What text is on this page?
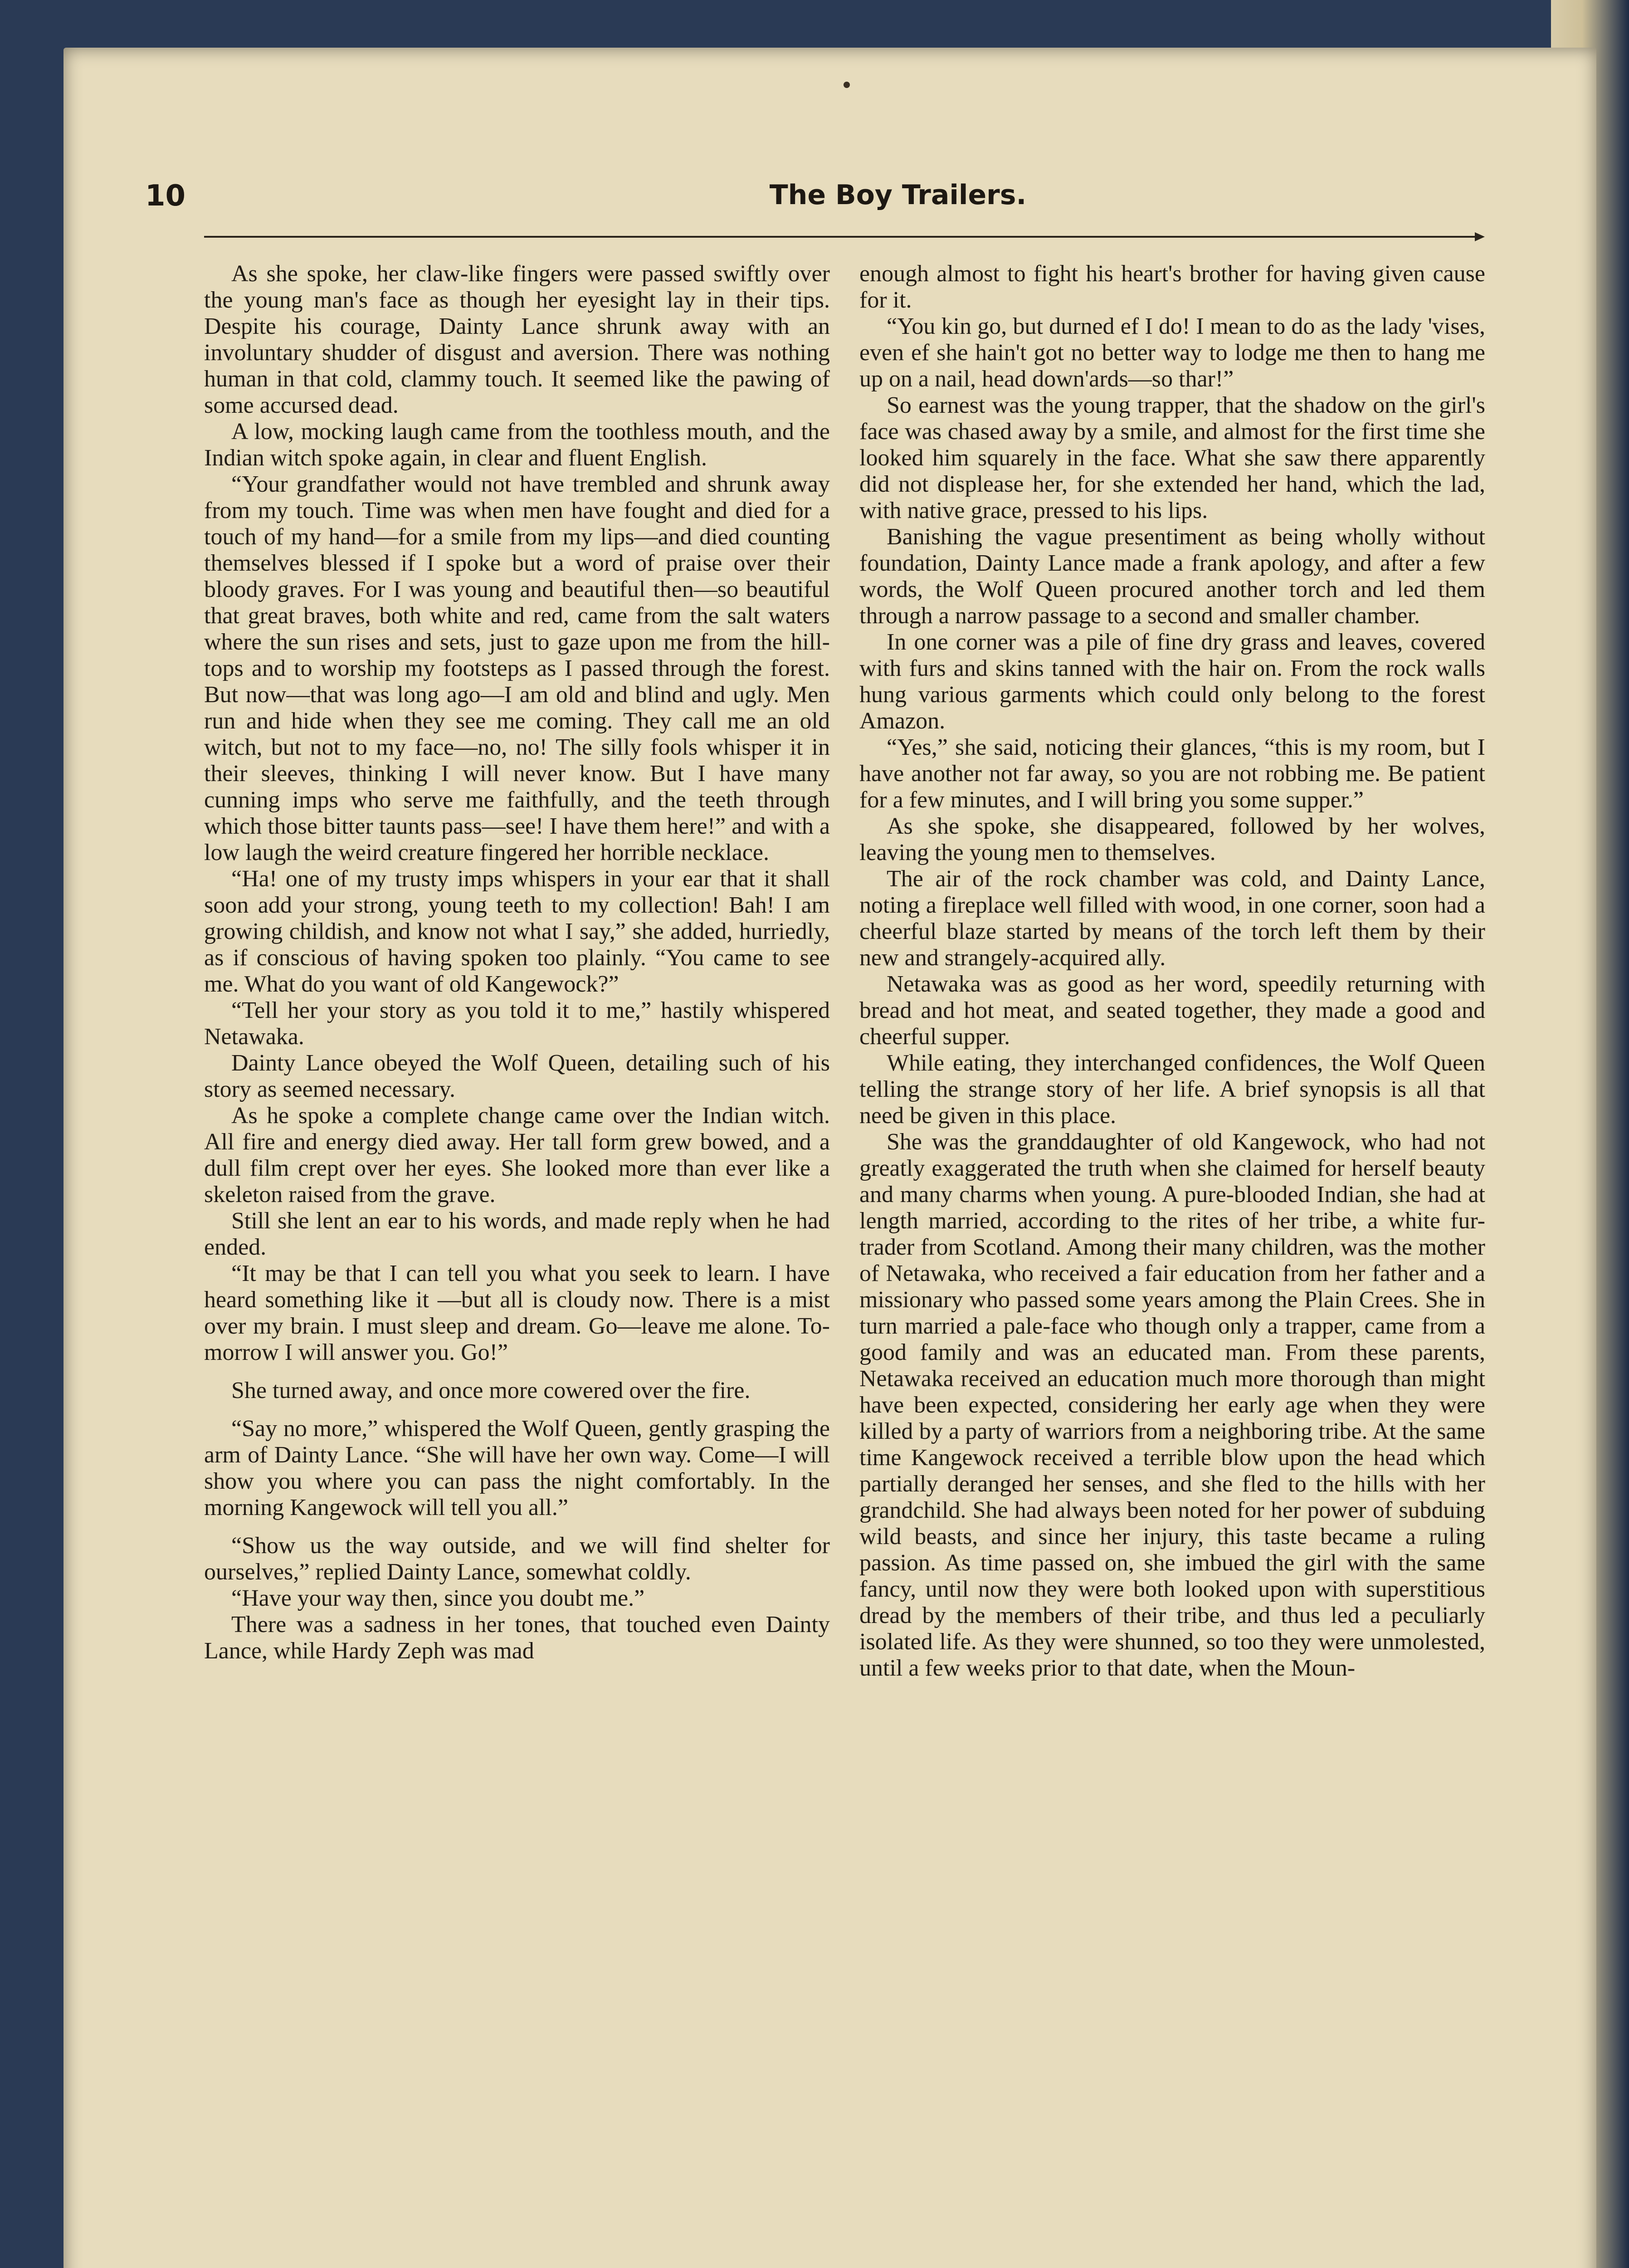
10	The Boy Trailers.

As she spoke, her claw-like fingers were passed swiftly over the young man's face as though her eyesight lay in their tips. Despite his courage, Dainty Lance shrunk away with an involuntary shudder of disgust and aversion. There was nothing human in that cold, clammy touch. It seemed like the pawing of some accursed dead.

A low, mocking laugh came from the toothless mouth, and the Indian witch spoke again, in clear and fluent English.

“Your grandfather would not have trembled and shrunk away from my touch. Time was when men have fought and died for a touch of my hand—for a smile from my lips—and died counting themselves blessed if I spoke but a word of praise over their bloody graves. For I was young and beautiful then—so beautiful that great braves, both white and red, came from the salt waters where the sun rises and sets, just to gaze upon me from the hill-tops and to worship my footsteps as I passed through the forest. But now—that was long ago—I am old and blind and ugly. Men run and hide when they see me coming. They call me an old witch, but not to my face—no, no! The silly fools whisper it in their sleeves, thinking I will never know. But I have many cunning imps who serve me faithfully, and the teeth through which those bitter taunts pass—see! I have them here!” and with a low laugh the weird creature fingered her horrible necklace.

“Ha! one of my trusty imps whispers in your ear that it shall soon add your strong, young teeth to my collection! Bah! I am growing childish, and know not what I say,” she added, hurriedly, as if conscious of having spoken too plainly. “You came to see me. What do you want of old Kangewock?”

“Tell her your story as you told it to me,” hastily whispered Netawaka.

Dainty Lance obeyed the Wolf Queen, detailing such of his story as seemed necessary.

As he spoke a complete change came over the Indian witch. All fire and energy died away. Her tall form grew bowed, and a dull film crept over her eyes. She looked more than ever like a skeleton raised from the grave.

Still she lent an ear to his words, and made reply when he had ended.

“It may be that I can tell you what you seek to learn. I have heard something like it —but all is cloudy now. There is a mist over my brain. I must sleep and dream. Go—leave me alone. To-morrow I will answer you. Go!”

She turned away, and once more cowered over the fire.

“Say no more,” whispered the Wolf Queen, gently grasping the arm of Dainty Lance. “She will have her own way. Come—I will show you where you can pass the night comfortably. In the morning Kangewock will tell you all.”

“Show us the way outside, and we will find shelter for ourselves,” replied Dainty Lance, somewhat coldly.

“Have your way then, since you doubt me.”

There was a sadness in her tones, that touched even Dainty Lance, while Hardy Zeph was mad

enough almost to fight his heart's brother for having given cause for it.

“You kin go, but durned ef I do! I mean to do as the lady 'vises, even ef she hain't got no better way to lodge me then to hang me up on a nail, head down'ards—so thar!”

So earnest was the young trapper, that the shadow on the girl's face was chased away by a smile, and almost for the first time she looked him squarely in the face. What she saw there apparently did not displease her, for she extended her hand, which the lad, with native grace, pressed to his lips.

Banishing the vague presentiment as being wholly without foundation, Dainty Lance made a frank apology, and after a few words, the Wolf Queen procured another torch and led them through a narrow passage to a second and smaller chamber.

In one corner was a pile of fine dry grass and leaves, covered with furs and skins tanned with the hair on. From the rock walls hung various garments which could only belong to the forest Amazon.

“Yes,” she said, noticing their glances, “this is my room, but I have another not far away, so you are not robbing me. Be patient for a few minutes, and I will bring you some supper.”

As she spoke, she disappeared, followed by her wolves, leaving the young men to themselves.

The air of the rock chamber was cold, and Dainty Lance, noting a fireplace well filled with wood, in one corner, soon had a cheerful blaze started by means of the torch left them by their new and strangely-acquired ally.

Netawaka was as good as her word, speedily returning with bread and hot meat, and seated together, they made a good and cheerful supper.

While eating, they interchanged confidences, the Wolf Queen telling the strange story of her life. A brief synopsis is all that need be given in this place.

She was the granddaughter of old Kangewock, who had not greatly exaggerated the truth when she claimed for herself beauty and many charms when young. A pure-blooded Indian, she had at length married, according to the rites of her tribe, a white fur-trader from Scotland. Among their many children, was the mother of Netawaka, who received a fair education from her father and a missionary who passed some years among the Plain Crees. She in turn married a pale-face who though only a trapper, came from a good family and was an educated man. From these parents, Netawaka received an education much more thorough than might have been expected, considering her early age when they were killed by a party of warriors from a neighboring tribe. At the same time Kangewock received a terrible blow upon the head which partially deranged her senses, and she fled to the hills with her grandchild. She had always been noted for her power of subduing wild beasts, and since her injury, this taste became a ruling passion. As time passed on, she imbued the girl with the same fancy, until now they were both looked upon with superstitious dread by the members of their tribe, and thus led a peculiarly isolated life. As they were shunned, so too they were unmolested, until a few weeks prior to that date, when the Moun-
